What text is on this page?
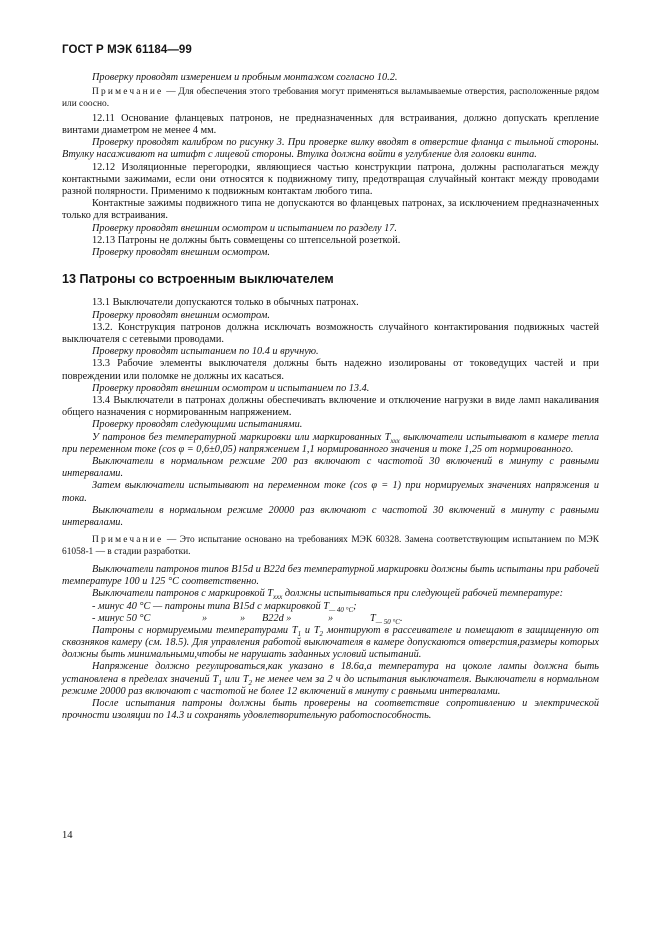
ГОСТ Р МЭК 61184—99

Проверку проводят измерением и пробным монтажом согласно 10.2.

Примечание — Для обеспечения этого требования могут применяться выламываемые отверстия, расположенные рядом или соосно.

12.11 Основание фланцевых патронов, не предназначенных для встраивания, должно допускать крепление винтами диаметром не менее 4 мм.

Проверку проводят калибром по рисунку 3. При проверке вилку вводят в отверстие фланца с тыльной стороны. Втулку насаживают на штифт с лицевой стороны. Втулка должна войти в углубление для головки винта.

12.12 Изоляционные перегородки, являющиеся частью конструкции патрона, должны располагаться между контактными зажимами, если они относятся к подвижному типу, предотвращая случайный контакт между проводами разной полярности. Применимо к подвижным контактам любого типа.

Контактные зажимы подвижного типа не допускаются во фланцевых патронах, за исключением предназначенных только для встраивания.

Проверку проводят внешним осмотром и испытанием по разделу 17.

12.13 Патроны не должны быть совмещены со штепсельной розеткой.

Проверку проводят внешним осмотром.

13 Патроны со встроенным выключателем

13.1 Выключатели допускаются только в обычных патронах.

Проверку проводят внешним осмотром.

13.2. Конструкция патронов должна исключать возможность случайного контактирования подвижных частей выключателя с сетевыми проводами.

Проверку проводят испытанием по 10.4 и вручную.

13.3 Рабочие элементы выключателя должны быть надежно изолированы от токоведущих частей и при повреждении или поломке не должны их касаться.

Проверку проводят внешним осмотром и испытанием по 13.4.

13.4 Выключатели в патронах должны обеспечивать включение и отключение нагрузки в виде ламп накаливания общего назначения с нормированным напряжением.

Проверку проводят следующими испытаниями.

У патронов без температурной маркировки или маркированных $T_{xxx}$ выключатели испытывают в камере тепла при переменном токе (cos φ = 0,6±0,05) напряжением 1,1 нормированного значения и токе 1,25 от нормированного.

Выключатели в нормальном режиме 200 раз включают с частотой 30 включений в минуту с равными интервалами.

Затем выключатели испытывают на переменном токе (cos φ = 1) при нормируемых значениях напряжения и тока.

Выключатели в нормальном режиме 20000 раз включают с частотой 30 включений в минуту с равными интервалами.

Примечание — Это испытание основано на требованиях МЭК 60328. Замена соответствующим испытанием по МЭК 61058-1 — в стадии разработки.

Выключатели патронов типов B15d и B22d без температурной маркировки должны быть испытаны при рабочей температуре 100 и 125 °С соответственно.

Выключатели патронов с маркировкой $T_{xxx}$ должны испытываться при следующей рабочей температуре:

- минус 40 °С — патроны типа B15d с маркировкой $T_{— 40 ^\circ С}$;
- минус 50 °С	»	» B22d »	»	$T_{— 50 ^\circ С}$.

Патроны с нормируемыми температурами $T_1$ и $T_2$ монтируют в рассеивателе и помещают в защищенную от сквозняков камеру (см. 18.5). Для управления работой выключателя в камере допускаются отверстия,размеры которых должны быть минимальными,чтобы не нарушать заданных условий испытаний.

Напряжение должно регулироваться,как указано в 18.6а,а температура на цоколе лампы должна быть установлена в пределах значений $T_1$ или $T_2$ не менее чем за 2 ч до испытания выключателя. Выключатели в нормальном режиме 20000 раз включают с частотой не более 12 включений в минуту с равными интервалами.

После испытания патроны должны быть проверены на соответствие сопротивлению и электрической прочности изоляции по 14.3 и сохранять удовлетворительную работоспособность.

14
